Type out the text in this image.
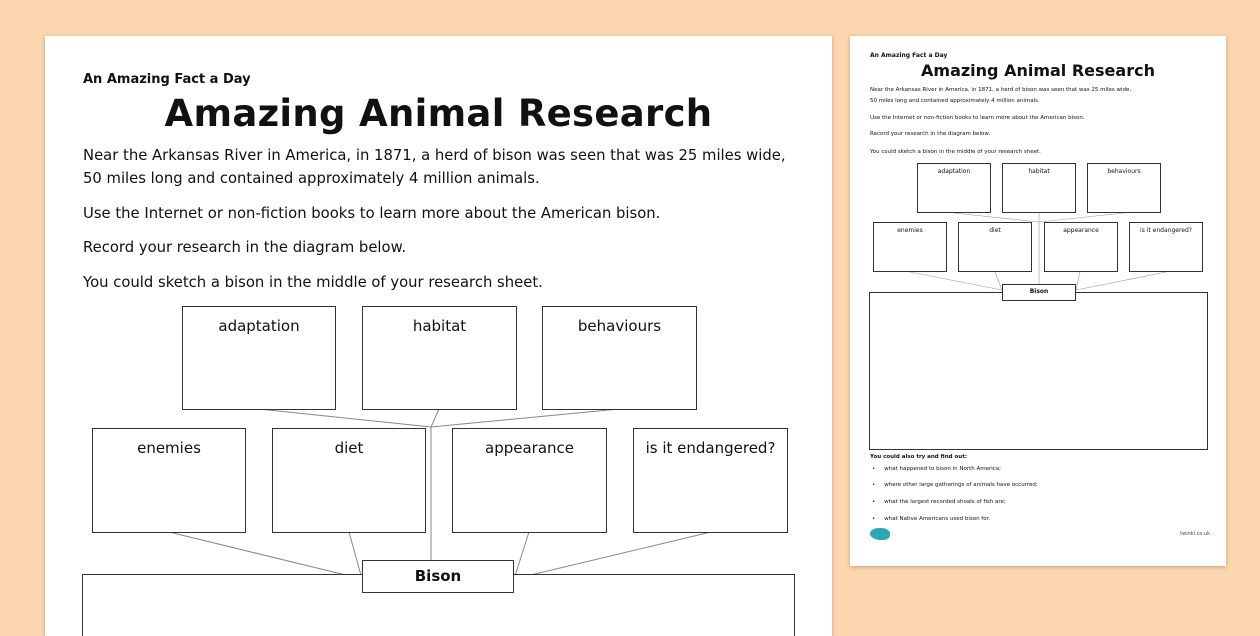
An Amazing Fact a Day
Amazing Animal Research
Near the Arkansas River in America, in 1871, a herd of bison was seen that was 25 miles wide,
50 miles long and contained approximately 4 million animals.
Use the Internet or non-fiction books to learn more about the American bison.
Record your research in the diagram below.
You could sketch a bison in the middle of your research sheet.
adaptation	habitat	behaviours
enemies	diet	appearance	is it endangered?
Bison
An Amazing Fact a Day
Amazing Animal Research
Near the Arkansas River in America, in 1871, a herd of bison was seen that was 25 miles wide,
50 miles long and contained approximately 4 million animals.
Use the Internet or non-fiction books to learn more about the American bison.
Record your research in the diagram below.
You could sketch a bison in the middle of your research sheet.
adaptation	habitat	behaviours
enemies	diet	appearance	is it endangered?
Bison
You could also try and find out:
• what happened to bison in North America;
• where other large gatherings of animals have occurred;
• what the largest recorded shoals of fish are;
• what Native Americans used bison for.
twinkl.co.uk
